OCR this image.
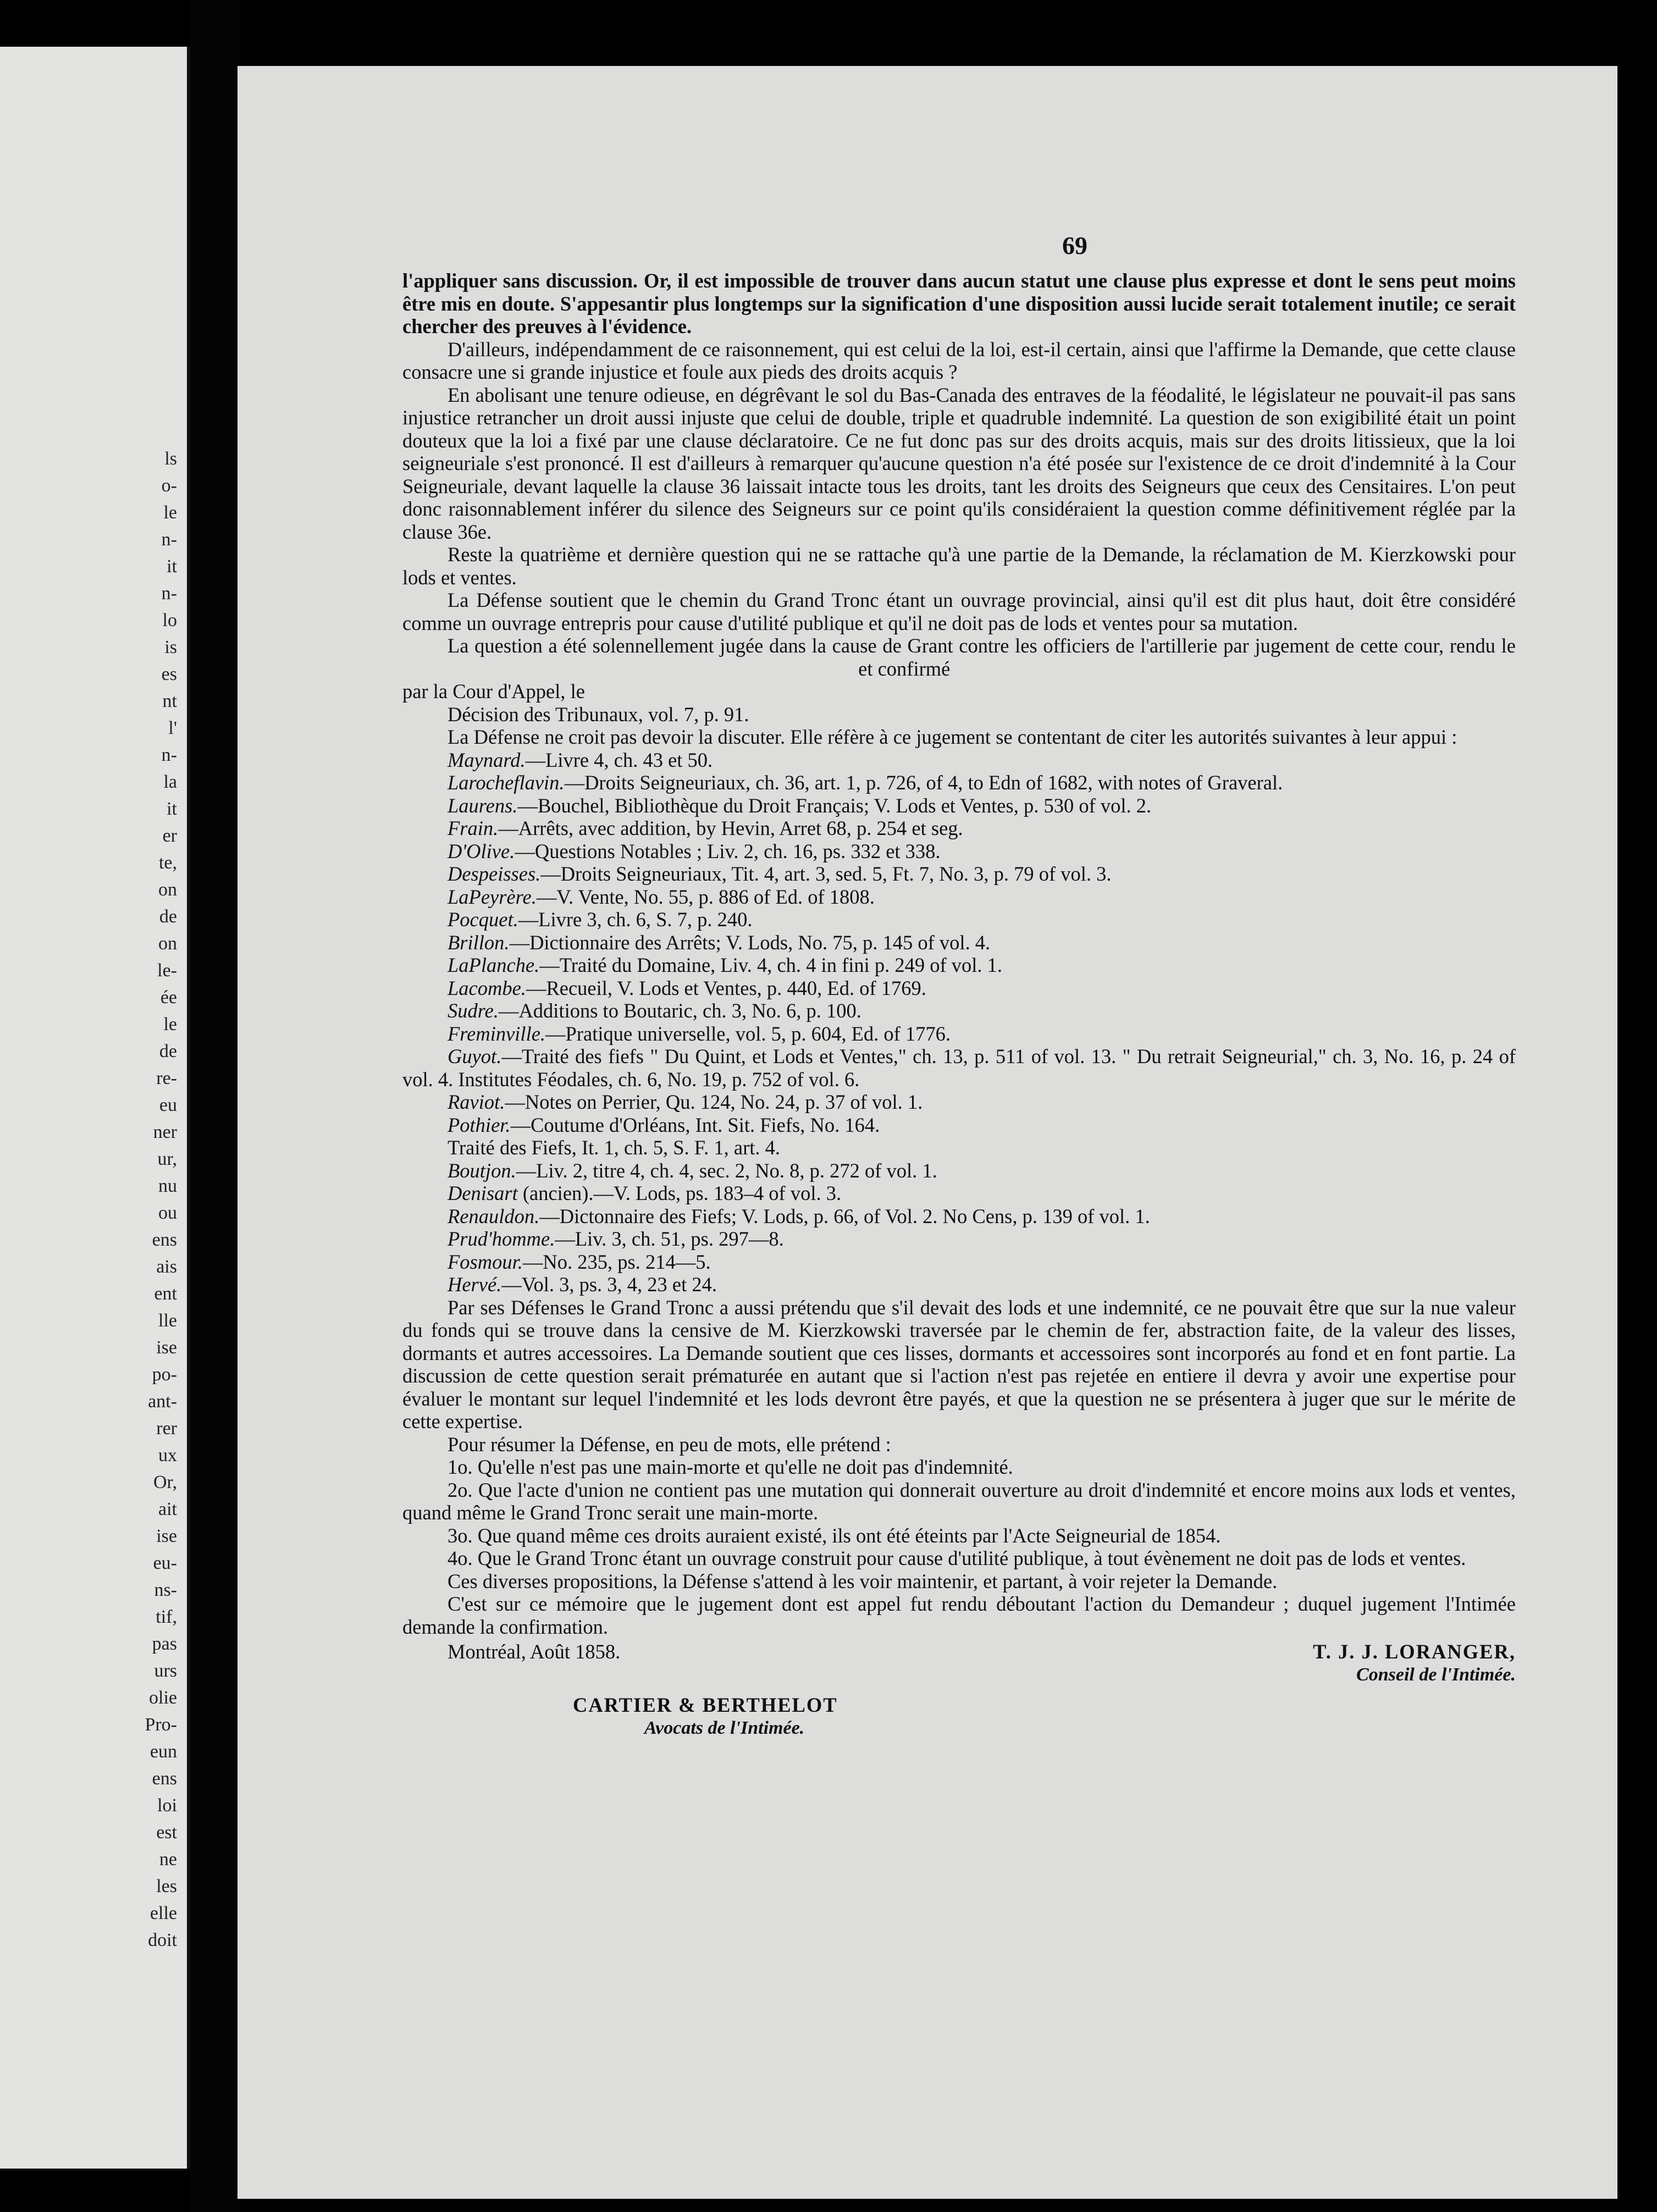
ls
o-
le
n-
it
n-
lo
is
es
nt
l'
n-
la
it
er
te,
on
de
on
le-
ée
le
de
re-
eu
ner
ur,
nu
ou
ens
ais
ent
lle
ise
po-
ant-
rer
ux
Or,
ait
ise
eu-
ns-
tif,
pas
urs
olie
Pro-
eun
ens
loi
est
ne
les
elle
doit
69

l'appliquer sans discussion. Or, il est impossible de trouver dans aucun statut une clause plus expresse et dont le sens peut moins être mis en doute. S'appesantir plus longtemps sur la signification d'une disposition aussi lucide serait totalement inutile; ce serait chercher des preuves à l'évidence.

D'ailleurs, indépendamment de ce raisonnement, qui est celui de la loi, est-il certain, ainsi que l'affirme la Demande, que cette clause consacre une si grande injustice et foule aux pieds des droits acquis ?

En abolisant une tenure odieuse, en dégrêvant le sol du Bas-Canada des entraves de la féodalité, le législateur ne pouvait-il pas sans injustice retrancher un droit aussi injuste que celui de double, triple et quadruble indemnité. La question de son exigibilité était un point douteux que la loi a fixé par une clause déclaratoire. Ce ne fut donc pas sur des droits acquis, mais sur des droits litissieux, que la loi seigneuriale s'est prononcé. Il est d'ailleurs à remarquer qu'aucune question n'a été posée sur l'existence de ce droit d'indemnité à la Cour Seigneuriale, devant laquelle la clause 36 laissait intacte tous les droits, tant les droits des Seigneurs que ceux des Censitaires. L'on peut donc raisonnablement inférer du silence des Seigneurs sur ce point qu'ils considéraient la question comme définitivement réglée par la clause 36e.

Reste la quatrième et dernière question qui ne se rattache qu'à une partie de la Demande, la réclamation de M. Kierzkowski pour lods et ventes.

La Défense soutient que le chemin du Grand Tronc étant un ouvrage provincial, ainsi qu'il est dit plus haut, doit être considéré comme un ouvrage entrepris pour cause d'utilité publique et qu'il ne doit pas de lods et ventes pour sa mutation.

La question a été solennellement jugée dans la cause de Grant contre les officiers de l'artillerie par jugement de cette cour, rendu le  et confirmé

par la Cour d'Appel, le

Décision des Tribunaux, vol. 7, p. 91.

La Défense ne croit pas devoir la discuter. Elle réfère à ce jugement se contentant de citer les autorités suivantes à leur appui :

Maynard.—Livre 4, ch. 43 et 50.

Larocheflavin.—Droits Seigneuriaux, ch. 36, art. 1, p. 726, of 4, to Edn of 1682, with notes of Graveral.

Laurens.—Bouchel, Bibliothèque du Droit Français; V. Lods et Ventes, p. 530 of vol. 2.

Frain.—Arrêts, avec addition, by Hevin, Arret 68, p. 254 et seg.

D'Olive.—Questions Notables ; Liv. 2, ch. 16, ps. 332 et 338.

Despeisses.—Droits Seigneuriaux, Tit. 4, art. 3, sed. 5, Ft. 7, No. 3, p. 79 of vol. 3.

LaPeyrère.—V. Vente, No. 55, p. 886 of Ed. of 1808.

Pocquet.—Livre 3, ch. 6, S. 7, p. 240.

Brillon.—Dictionnaire des Arrêts; V. Lods, No. 75, p. 145 of vol. 4.

LaPlanche.—Traité du Domaine, Liv. 4, ch. 4 in fini p. 249 of vol. 1.

Lacombe.—Recueil, V. Lods et Ventes, p. 440, Ed. of 1769.

Sudre.—Additions to Boutaric, ch. 3, No. 6, p. 100.

Freminville.—Pratique universelle, vol. 5, p. 604, Ed. of 1776.

Guyot.—Traité des fiefs " Du Quint, et Lods et Ventes," ch. 13, p. 511 of vol. 13. " Du retrait Seigneurial," ch. 3, No. 16, p. 24 of vol. 4. Institutes Féodales, ch. 6, No. 19, p. 752 of vol. 6.

Raviot.—Notes on Perrier, Qu. 124, No. 24, p. 37 of vol. 1.

Pothier.—Coutume d'Orléans, Int. Sit. Fiefs, No. 164.

Traité des Fiefs, It. 1, ch. 5, S. F. 1, art. 4.

Boutjon.—Liv. 2, titre 4, ch. 4, sec. 2, No. 8, p. 272 of vol. 1.

Denisart (ancien).—V. Lods, ps. 183–4 of vol. 3.

Renauldon.—Dictonnaire des Fiefs; V. Lods, p. 66, of Vol. 2. No Cens, p. 139 of vol. 1.

Prud'homme.—Liv. 3, ch. 51, ps. 297—8.

Fosmour.—No. 235, ps. 214—5.

Hervé.—Vol. 3, ps. 3, 4, 23 et 24.

Par ses Défenses le Grand Tronc a aussi prétendu que s'il devait des lods et une indemnité, ce ne pouvait être que sur la nue valeur du fonds qui se trouve dans la censive de M. Kierzkowski traversée par le chemin de fer, abstraction faite, de la valeur des lisses, dormants et autres accessoires. La Demande soutient que ces lisses, dormants et accessoires sont incorporés au fond et en font partie. La discussion de cette question serait prématurée en autant que si l'action n'est pas rejetée en entiere il devra y avoir une expertise pour évaluer le montant sur lequel l'indemnité et les lods devront être payés, et que la question ne se présentera à juger que sur le mérite de cette expertise.

Pour résumer la Défense, en peu de mots, elle prétend :

1o. Qu'elle n'est pas une main-morte et qu'elle ne doit pas d'indemnité.

2o. Que l'acte d'union ne contient pas une mutation qui donnerait ouverture au droit d'indemnité et encore moins aux lods et ventes, quand même le Grand Tronc serait une main-morte.

3o. Que quand même ces droits auraient existé, ils ont été éteints par l'Acte Seigneurial de 1854.

4o. Que le Grand Tronc étant un ouvrage construit pour cause d'utilité publique, à tout évènement ne doit pas de lods et ventes.

Ces diverses propositions, la Défense s'attend à les voir maintenir, et partant, à voir rejeter la Demande.

C'est sur ce mémoire que le jugement dont est appel fut rendu déboutant l'action du Demandeur ; duquel jugement l'Intimée demande la confirmation.

Montréal, Août 1858.	T. J. J. LORANGER,
Conseil de l'Intimée.
CARTIER & BERTHELOT
Avocats de l'Intimée.
